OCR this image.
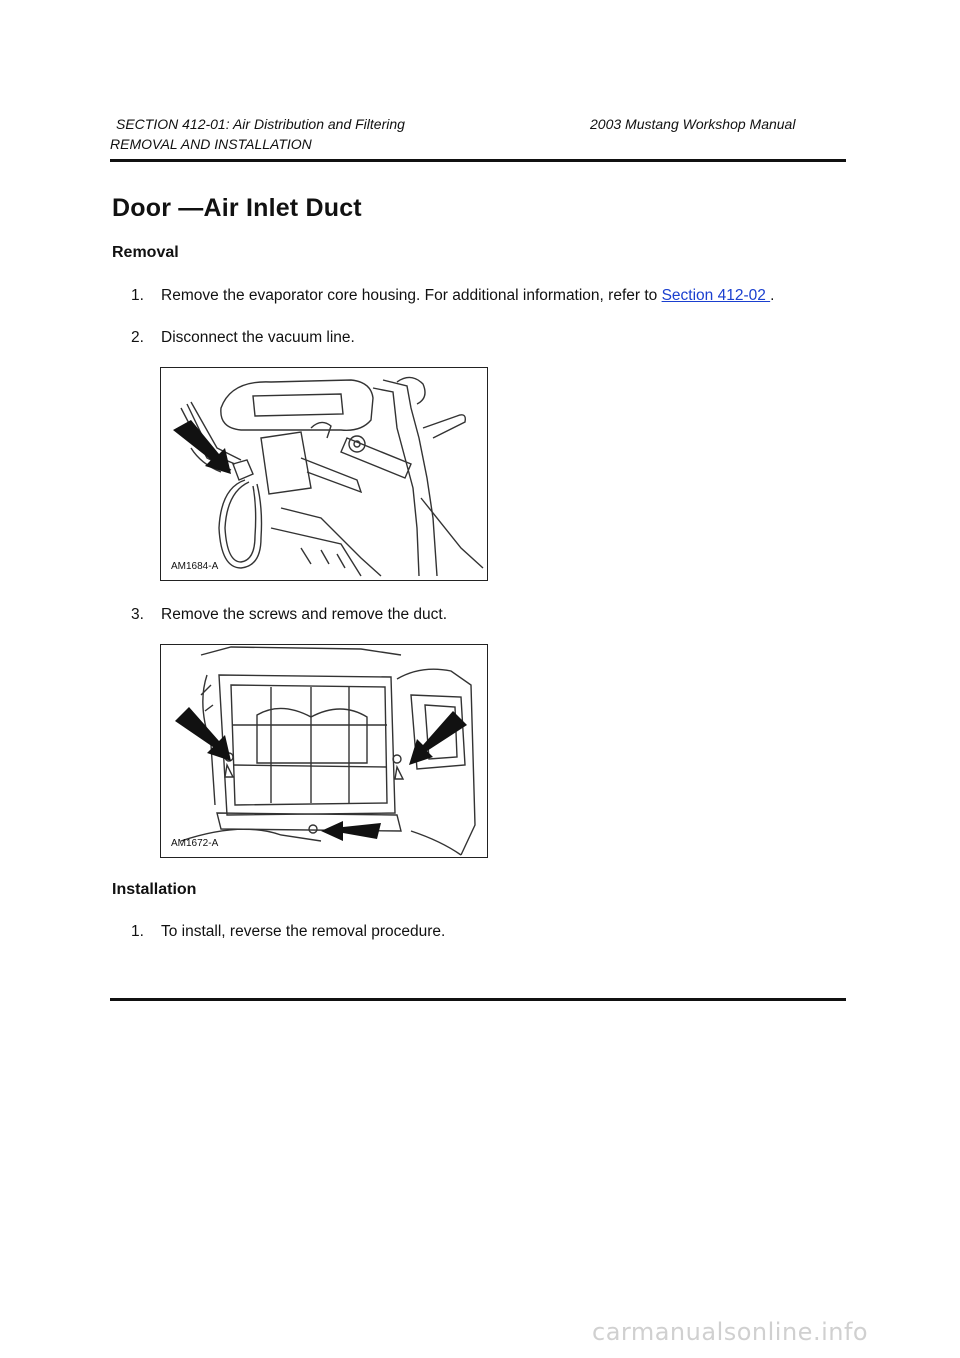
SECTION 412-01: Air Distribution and Filtering	2003 Mustang Workshop Manual
REMOVAL AND INSTALLATION
Door —Air Inlet Duct
Removal
1. Remove the evaporator core housing. For additional information, refer to Section 412-02 .
2. Disconnect the vacuum line.
AM1684-A
3. Remove the screws and remove the duct.
AM1672-A
Installation
1. To install, reverse the removal procedure.
carmanualsonline.info
